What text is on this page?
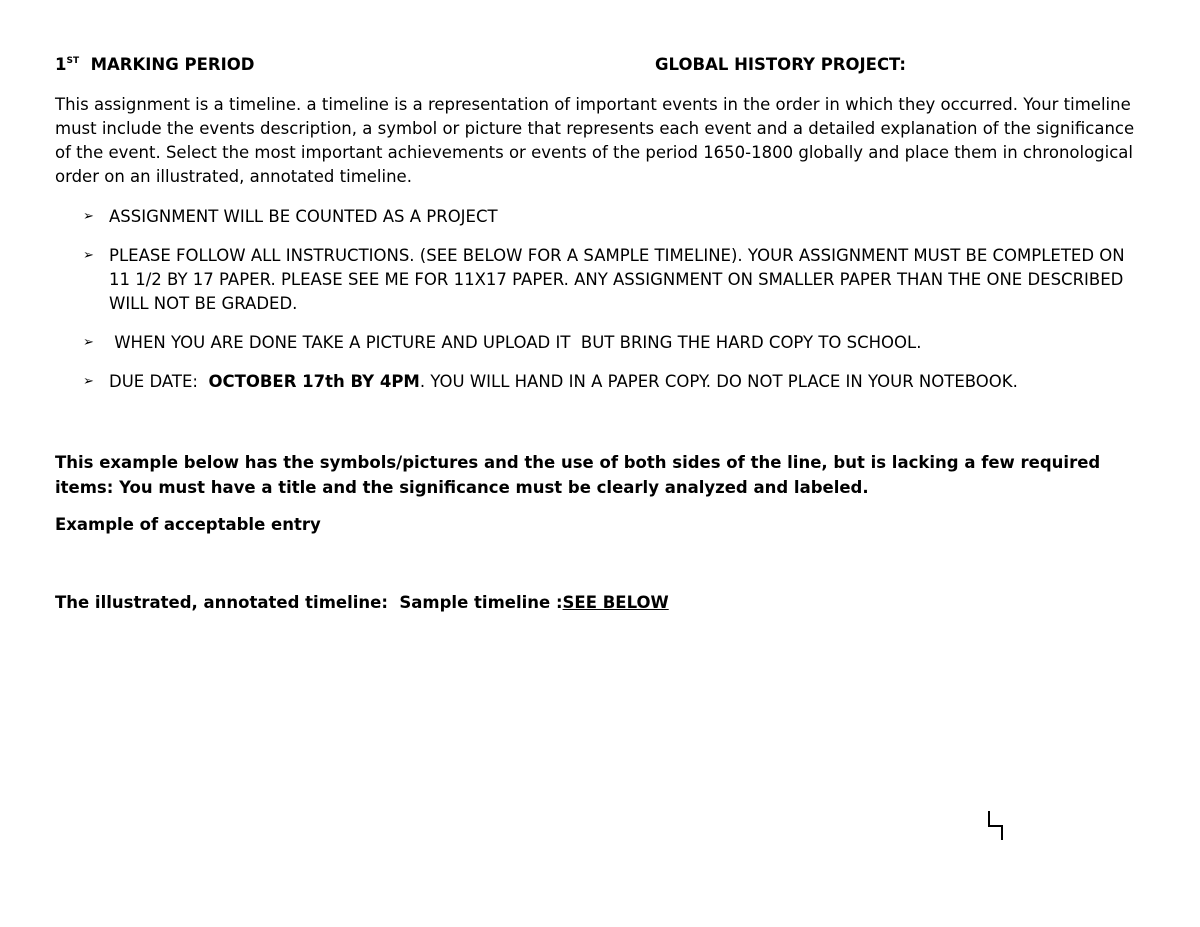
1ST MARKING PERIOD	GLOBAL HISTORY PROJECT:

This assignment is a timeline. a timeline is a representation of important events in the order in which they occurred. Your timeline must include the events description, a symbol or picture that represents each event and a detailed explanation of the significance of the event. Select the most important achievements or events of the period 1650-1800 globally and place them in chronological order on an illustrated, annotated timeline.

➢ ASSIGNMENT WILL BE COUNTED AS A PROJECT
➢ PLEASE FOLLOW ALL INSTRUCTIONS. (SEE BELOW FOR A SAMPLE TIMELINE). YOUR ASSIGNMENT MUST BE COMPLETED ON 11 1/2 BY 17 PAPER. PLEASE SEE ME FOR 11X17 PAPER. ANY ASSIGNMENT ON SMALLER PAPER THAN THE ONE DESCRIBED WILL NOT BE GRADED.
➢ WHEN YOU ARE DONE TAKE A PICTURE AND UPLOAD IT  BUT BRING THE HARD COPY TO SCHOOL.
➢ DUE DATE:  OCTOBER 17th BY 4PM. YOU WILL HAND IN A PAPER COPY. DO NOT PLACE IN YOUR NOTEBOOK.

This example below has the symbols/pictures and the use of both sides of the line, but is lacking a few required items: You must have a title and the significance must be clearly analyzed and labeled.

Example of acceptable entry

The illustrated, annotated timeline:  Sample timeline :SEE BELOW
